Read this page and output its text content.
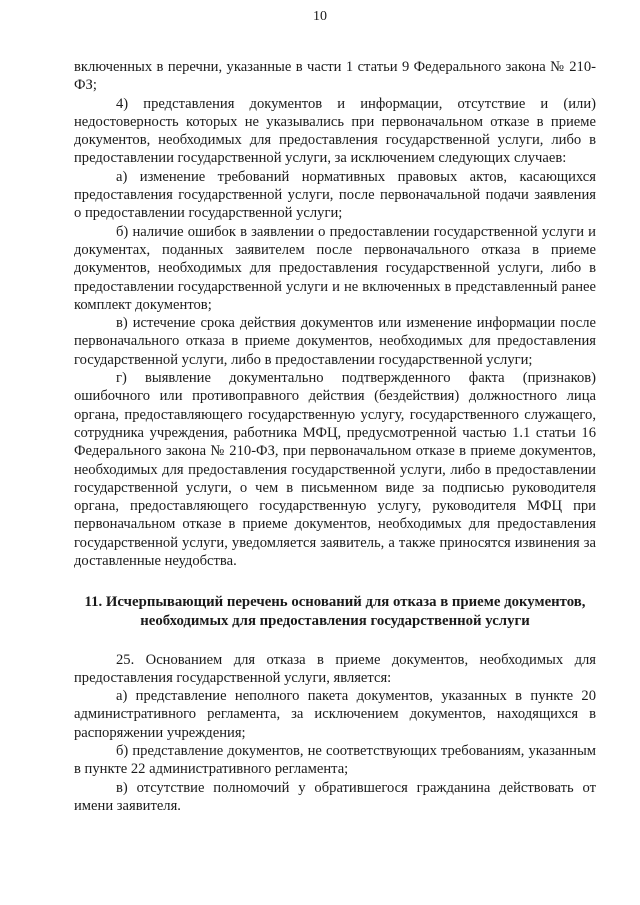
10

включенных в перечни, указанные в части 1 статьи 9 Федерального закона № 210-ФЗ;

4) представления документов и информации, отсутствие и (или) недостоверность которых не указывались при первоначальном отказе в приеме документов, необходимых для предоставления государственной услуги, либо в предоставлении государственной услуги, за исключением следующих случаев:

а) изменение требований нормативных правовых актов, касающихся предоставления государственной услуги, после первоначальной подачи заявления о предоставлении государственной услуги;

б) наличие ошибок в заявлении о предоставлении государственной услуги и документах, поданных заявителем после первоначального отказа в приеме документов, необходимых для предоставления государственной услуги, либо в предоставлении государственной услуги и не включенных в представленный ранее комплект документов;

в) истечение срока действия документов или изменение информации после первоначального отказа в приеме документов, необходимых для предоставления государственной услуги, либо в предоставлении государственной услуги;

г) выявление документально подтвержденного факта (признаков) ошибочного или противоправного действия (бездействия) должностного лица органа, предоставляющего государственную услугу, государственного служащего, сотрудника учреждения, работника МФЦ, предусмотренной частью 1.1 статьи 16 Федерального закона № 210-ФЗ, при первоначальном отказе в приеме документов, необходимых для предоставления государственной услуги, либо в предоставлении государственной услуги, о чем в письменном виде за подписью руководителя органа, предоставляющего государственную услугу, руководителя МФЦ при первоначальном отказе в приеме документов, необходимых для предоставления государственной услуги, уведомляется заявитель, а также приносятся извинения за доставленные неудобства.

11. Исчерпывающий перечень оснований для отказа в приеме документов, необходимых для предоставления государственной услуги

25. Основанием для отказа в приеме документов, необходимых для предоставления государственной услуги, является:

а) представление неполного пакета документов, указанных в пункте 20 административного регламента, за исключением документов, находящихся в распоряжении учреждения;

б) представление документов, не соответствующих требованиям, указанным в пункте 22 административного регламента;

в) отсутствие полномочий у обратившегося гражданина действовать от имени заявителя.
